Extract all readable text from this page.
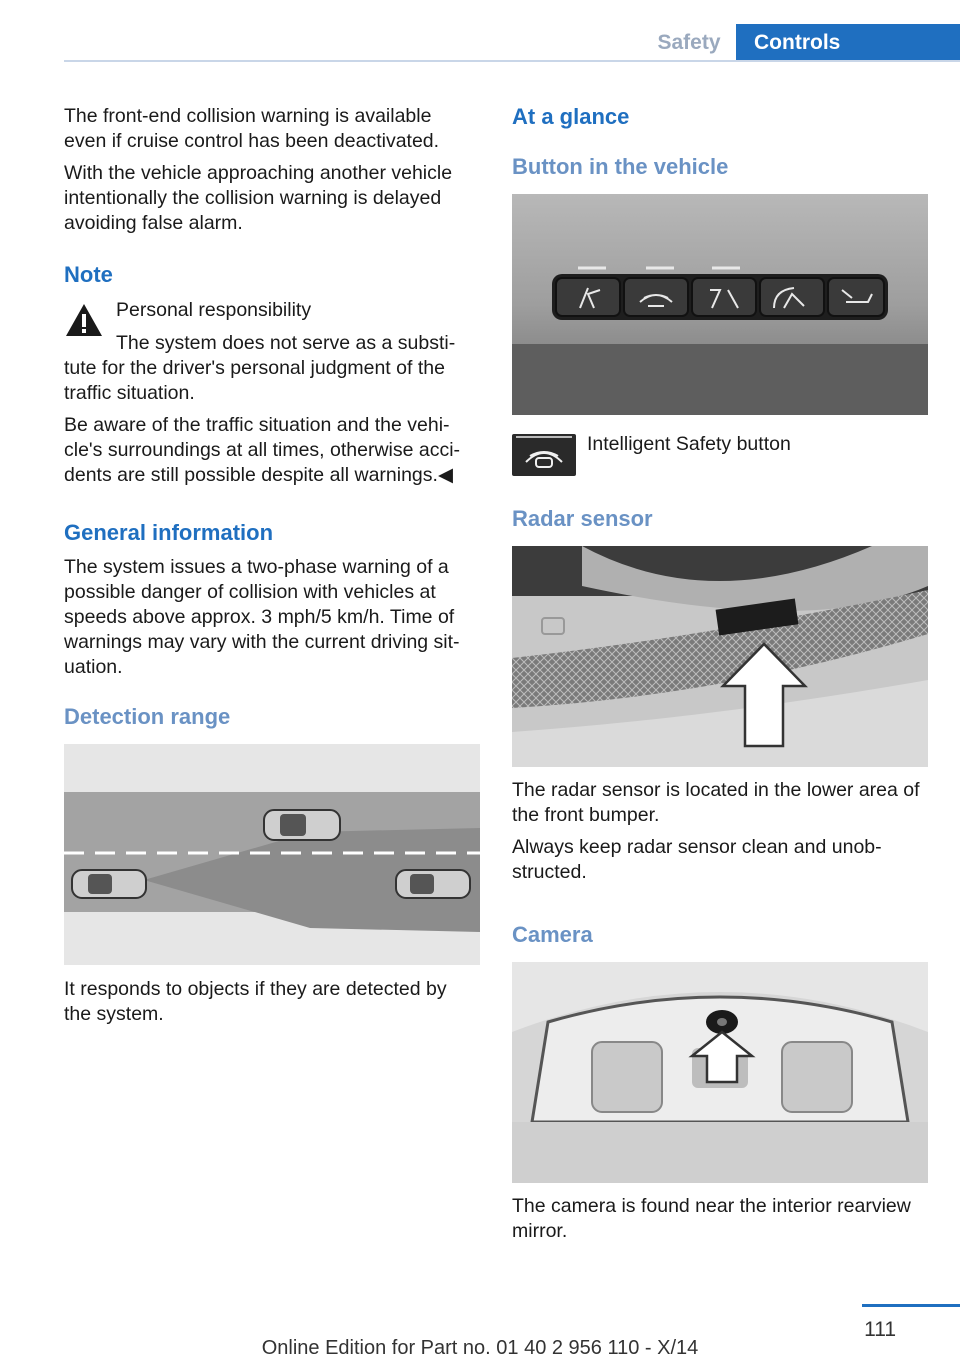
Safety	Controls

The front-end collision warning is available even if cruise control has been deactivated.

With the vehicle approaching another vehicle intentionally the collision warning is delayed avoiding false alarm.

Note

Personal responsibility

The system does not serve as a substi‐

tute for the driver's personal judgment of the traffic situation.

Be aware of the traffic situation and the vehi‐cle's surroundings at all times, otherwise acci‐dents are still possible despite all warnings.◀

General information

The system issues a two-phase warning of a possible danger of collision with vehicles at speeds above approx. 3 mph/5 km/h. Time of warnings may vary with the current driving sit‐uation.

Detection range

It responds to objects if they are detected by the system.

At a glance
Button in the vehicle

Intelligent Safety button

Radar sensor

The radar sensor is located in the lower area of the front bumper.

Always keep radar sensor clean and unob‐structed.

Camera

The camera is found near the interior rearview mirror.

111
Online Edition for Part no. 01 40 2 956 110 - X/14
